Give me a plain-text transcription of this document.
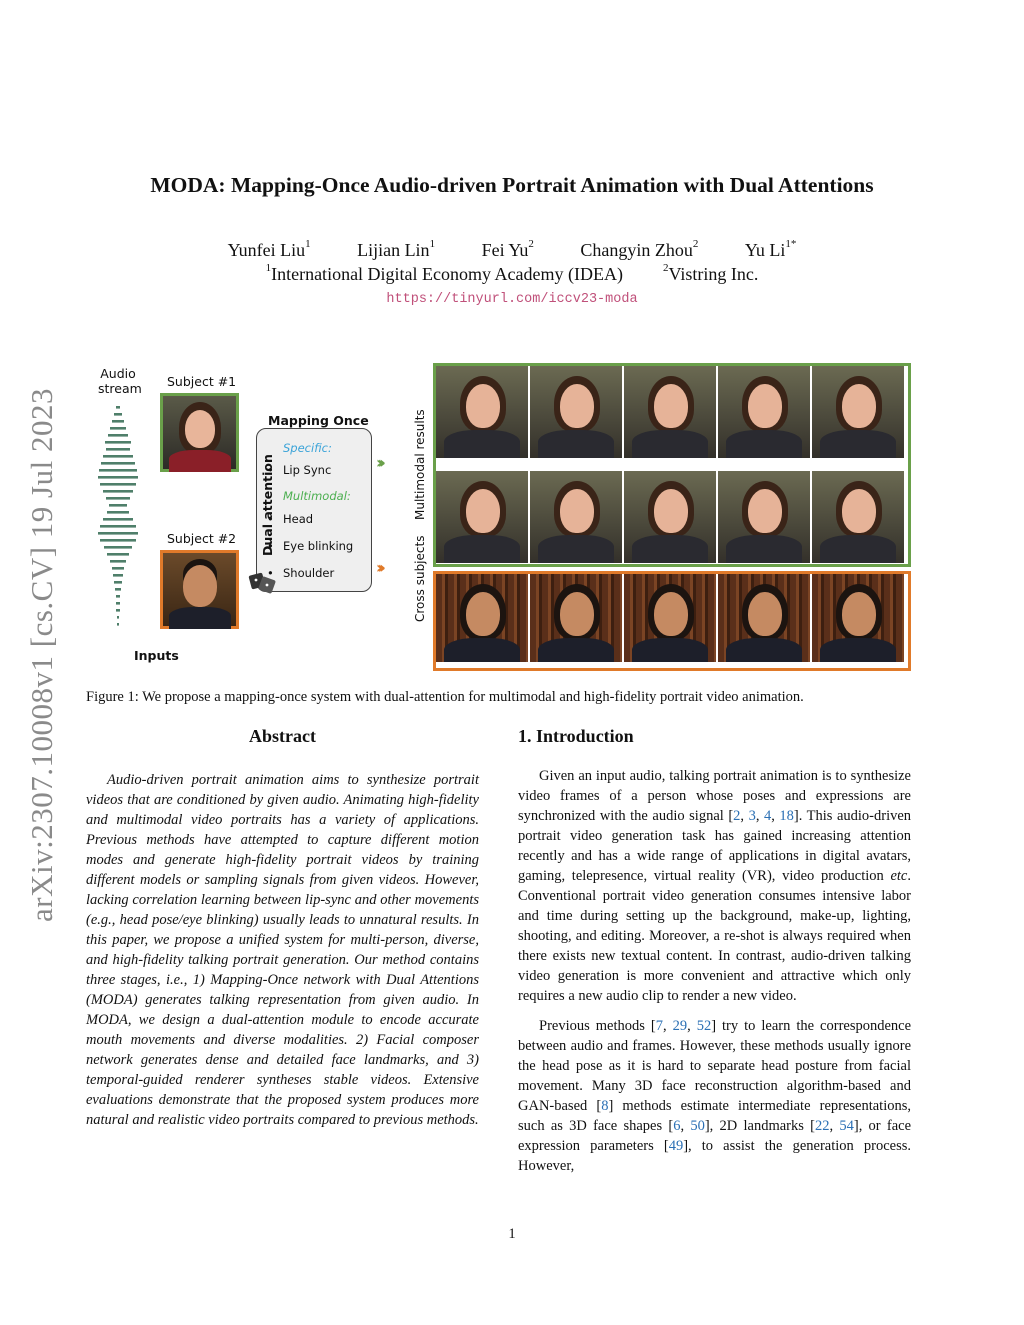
arXiv:2307.10008v1 [cs.CV] 19 Jul 2023
MODA: Mapping-Once Audio-driven Portrait Animation with Dual Attentions
Yunfei Liu$^1$	Lijian Lin$^1$	Fei Yu$^2$	Changyin Zhou$^2$	Yu $Li^{1*}$
$^1$International Digital Economy Academy (IDEA)	$^2$Vistring Inc.
https://tinyurl.com/iccv23-moda
Audio
stream
Inputs
Subject #1
Subject #2
Mapping Once
Specific:
• Lip Sync
Multimodal:
• Head
• Eye blinking
• Shoulder
Dual attention	›››
›››
Multimodal results
Cross subjects
Figure 1: We propose a mapping-once system with dual-attention for multimodal and high-fidelity portrait video animation.
Abstract

Audio-driven portrait animation aims to synthesize portrait videos that are conditioned by given audio. Animating high-fidelity and multimodal video portraits has a variety of applications. Previous methods have attempted to capture different motion modes and generate high-fidelity portrait videos by training different models or sampling signals from given videos. However, lacking correlation learning between lip-sync and other movements (e.g., head pose/eye blinking) usually leads to unnatural results. In this paper, we propose a unified system for multi-person, diverse, and high-fidelity talking portrait generation. Our method contains three stages, i.e., 1) Mapping-Once network with Dual Attentions (MODA) generates talking representation from given audio. In MODA, we design a dual-attention module to encode accurate mouth movements and diverse modalities. 2) Facial composer network generates dense and detailed face landmarks, and 3) temporal-guided renderer syntheses stable videos. Extensive evaluations demonstrate that the proposed system produces more natural and realistic video portraits compared to previous methods.

1. Introduction

Given an input audio, talking portrait animation is to synthesize video frames of a person whose poses and expressions are synchronized with the audio signal [2, 3, 4, 18]. This audio-driven portrait video generation task has gained increasing attention recently and has a wide range of applications in digital avatars, gaming, telepresence, virtual reality (VR), video production etc. Conventional portrait video generation consumes intensive labor and time during setting up the background, make-up, lighting, shooting, and editing. Moreover, a re-shot is always required when there exists new textual content. In contrast, audio-driven talking video generation is more convenient and attractive which only requires a new audio clip to render a new video.

Previous methods [7, 29, 52] try to learn the correspondence between audio and frames. However, these methods usually ignore the head pose as it is hard to separate head posture from facial movement. Many 3D face reconstruction algorithm-based and GAN-based [8] methods estimate intermediate representations, such as 3D face shapes [6, 50], 2D landmarks [22, 54], or face expression parameters [49], to assist the generation process. However,

1
